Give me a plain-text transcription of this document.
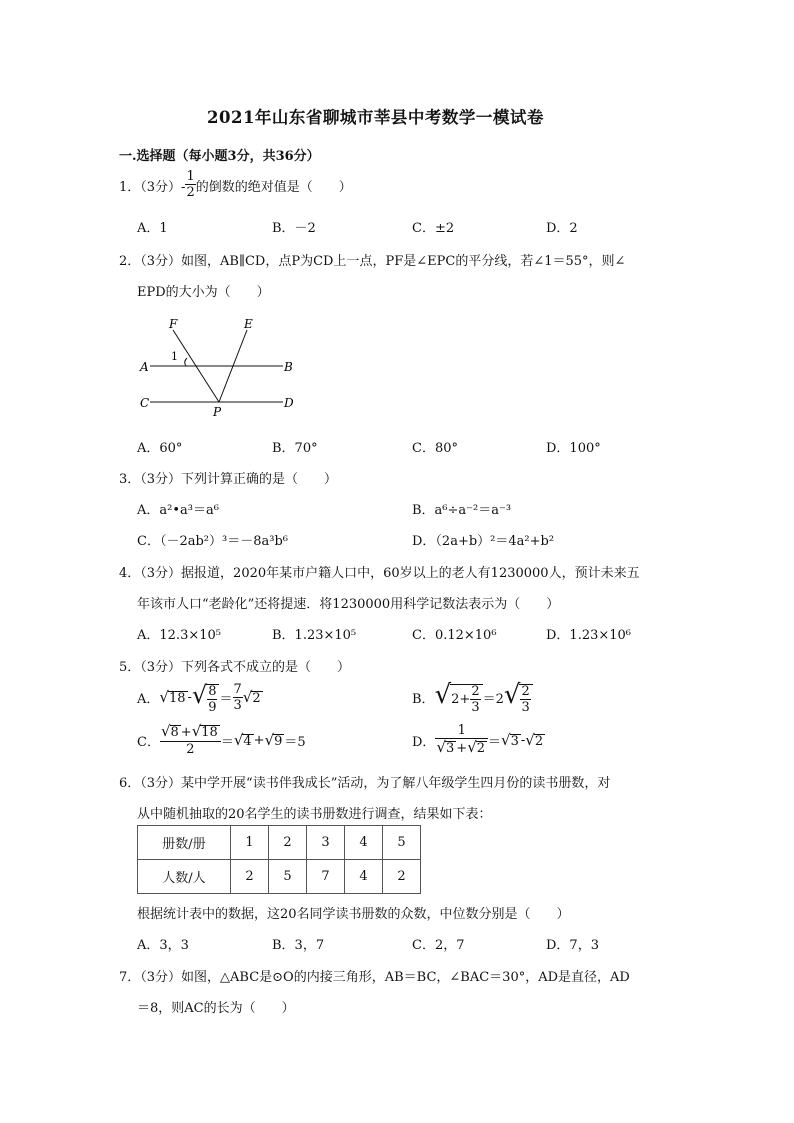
2021年山东省聊城市莘县中考数学一模试卷
一.选择题（每小题3分，共36分）
1．（3分）- $\frac{1}{2}$ 的倒数的绝对值是（　　）
A．1	B．－2	C．±2	D．2
2．（3分）如图，AB∥CD，点P为CD上一点，PF是∠EPC的平分线，若∠1＝55°，则∠
EPD的大小为（　　）
F	E
1
A	B
C
P
D
A．60°	B．70°	C．80°	D．100°
3．（3分）下列计算正确的是（　　）
A．a²•a³＝a⁶	B．a⁶÷a⁻²＝a⁻³
C．（－2ab²）³＝－8a³b⁶	D．（2a+b）²＝4a²+b²
4．（3分）据报道，2020年某市户籍人口中，60岁以上的老人有1230000人，预计未来五
年该市人口“老龄化”还将提速．将1230000用科学记数法表示为（　　）
A．12.3×10⁵	B．1.23×10⁵	C．0.12×10⁶	D．1.23×10⁶
5．（3分）下列各式不成立的是（　　）
A． √18 - √ $\frac{8}{9} = \frac{7}{3} √2$	B． $√2+ \frac{2}{3} =2$ √ $\frac{2}{3}$
C． $\frac{√8 +√18}{2} = √4 + √9 =5$	D． $\frac{1}{√3 +√2} = √3 - √2$
6．（3分）某中学开展“读书伴我成长”活动，为了解八年级学生四月份的读书册数，对
从中随机抽取的20名学生的读书册数进行调查，结果如下表：
册数/册	1	2	3	4	5
人数/人	2	5	7	4	2
根据统计表中的数据，这20名同学读书册数的众数，中位数分别是（　　）
A．3，3	B．3，7	C．2，7	D．7，3
7．（3分）如图，△ABC是⊙O的内接三角形，AB＝BC，∠BAC＝30°，AD是直径，AD
＝8，则AC的长为（　　）
